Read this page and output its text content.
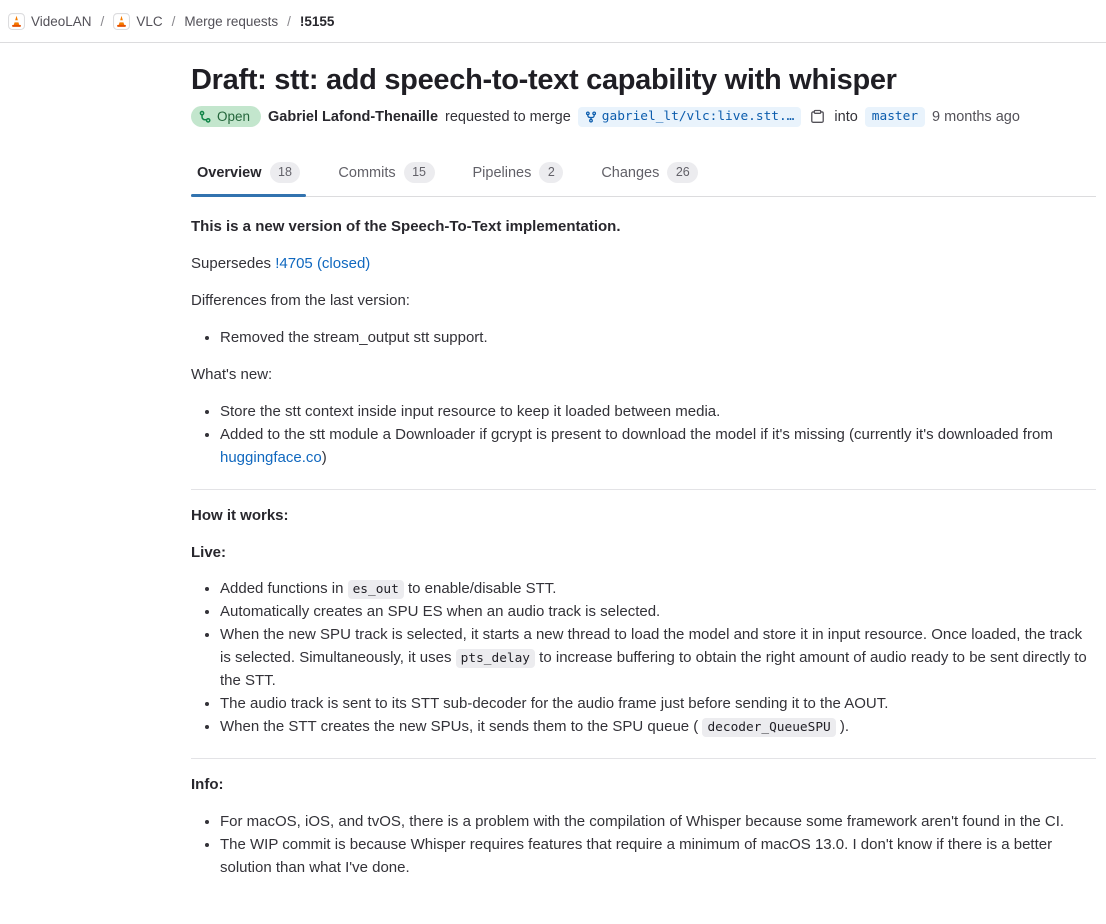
VideoLAN / VLC / Merge requests / !5155
Draft: stt: add speech-to-text capability with whisper
Open Gabriel Lafond-Thenaille requested to merge gabriel_lt/vlc:live.stt.…	into	master 9 months ago
Overview	18	Commits	15	Pipelines	2	Changes	26

This is a new version of the Speech-To-Text implementation.

Supersedes !4705 (closed)

Differences from the last version:

• Removed the stream_output stt support.

What's new:

• Store the stt context inside input resource to keep it loaded between media.
• Added to the stt module a Downloader if gcrypt is present to download the model if it's missing (currently it's downloaded from huggingface.co)

How it works:

Live:

• Added functions in es_out to enable/disable STT.
• Automatically creates an SPU ES when an audio track is selected.
• When the new SPU track is selected, it starts a new thread to load the model and store it in input resource. Once loaded, the track is selected. Simultaneously, it uses pts_delay to increase buffering to obtain the right amount of audio ready to be sent directly to the STT.
• The audio track is sent to its STT sub-decoder for the audio frame just before sending it to the AOUT.
• When the STT creates the new SPUs, it sends them to the SPU queue ( decoder_QueueSPU ).

Info:

• For macOS, iOS, and tvOS, there is a problem with the compilation of Whisper because some framework aren't found in the CI.
• The WIP commit is because Whisper requires features that require a minimum of macOS 13.0. I don't know if there is a better solution than what I've done.
